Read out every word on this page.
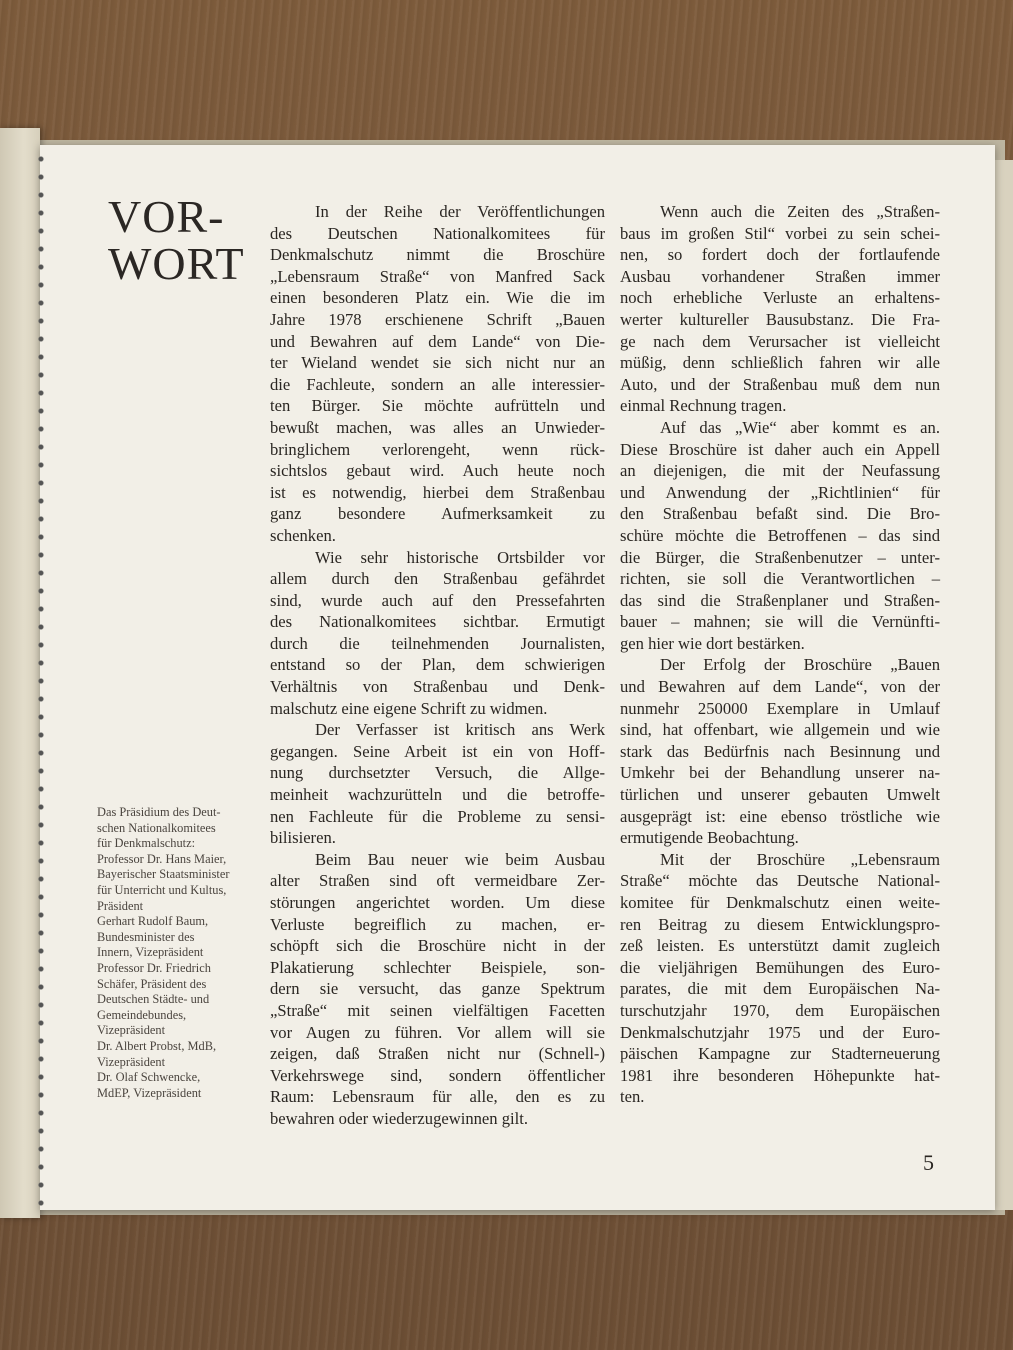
VOR-
WORT
Das Präsidium des Deut-
schen Nationalkomitees
für Denkmalschutz:
Professor Dr. Hans Maier,
Bayerischer Staatsminister
für Unterricht und Kultus,
Präsident
Gerhart Rudolf Baum,
Bundesminister des
Innern, Vizepräsident
Professor Dr. Friedrich
Schäfer, Präsident des
Deutschen Städte- und
Gemeindebundes,
Vizepräsident
Dr. Albert Probst, MdB,
Vizepräsident
Dr. Olaf Schwencke,
MdEP, Vizepräsident
In der Reihe der Veröffentlichungen
des Deutschen Nationalkomitees für
Denkmalschutz nimmt die Broschüre
„Lebensraum Straße“ von Manfred Sack
einen besonderen Platz ein. Wie die im
Jahre 1978 erschienene Schrift „Bauen
und Bewahren auf dem Lande“ von Die-
ter Wieland wendet sie sich nicht nur an
die Fachleute, sondern an alle interessier-
ten Bürger. Sie möchte aufrütteln und
bewußt machen, was alles an Unwieder-
bringlichem verlorengeht, wenn rück-
sichtslos gebaut wird. Auch heute noch
ist es notwendig, hierbei dem Straßenbau
ganz besondere Aufmerksamkeit zu
schenken.
Wie sehr historische Ortsbilder vor
allem durch den Straßenbau gefährdet
sind, wurde auch auf den Pressefahrten
des Nationalkomitees sichtbar. Ermutigt
durch die teilnehmenden Journalisten,
entstand so der Plan, dem schwierigen
Verhältnis von Straßenbau und Denk-
malschutz eine eigene Schrift zu widmen.
Der Verfasser ist kritisch ans Werk
gegangen. Seine Arbeit ist ein von Hoff-
nung durchsetzter Versuch, die Allge-
meinheit wachzurütteln und die betroffe-
nen Fachleute für die Probleme zu sensi-
bilisieren.
Beim Bau neuer wie beim Ausbau
alter Straßen sind oft vermeidbare Zer-
störungen angerichtet worden. Um diese
Verluste begreiflich zu machen, er-
schöpft sich die Broschüre nicht in der
Plakatierung schlechter Beispiele, son-
dern sie versucht, das ganze Spektrum
„Straße“ mit seinen vielfältigen Facetten
vor Augen zu führen. Vor allem will sie
zeigen, daß Straßen nicht nur (Schnell-)
Verkehrswege sind, sondern öffentlicher
Raum: Lebensraum für alle, den es zu
bewahren oder wiederzugewinnen gilt.
Wenn auch die Zeiten des „Straßen-
baus im großen Stil“ vorbei zu sein schei-
nen, so fordert doch der fortlaufende
Ausbau vorhandener Straßen immer
noch erhebliche Verluste an erhaltens-
werter kultureller Bausubstanz. Die Fra-
ge nach dem Verursacher ist vielleicht
müßig, denn schließlich fahren wir alle
Auto, und der Straßenbau muß dem nun
einmal Rechnung tragen.
Auf das „Wie“ aber kommt es an.
Diese Broschüre ist daher auch ein Appell
an diejenigen, die mit der Neufassung
und Anwendung der „Richtlinien“ für
den Straßenbau befaßt sind. Die Bro-
schüre möchte die Betroffenen – das sind
die Bürger, die Straßenbenutzer – unter-
richten, sie soll die Verantwortlichen –
das sind die Straßenplaner und Straßen-
bauer – mahnen; sie will die Vernünfti-
gen hier wie dort bestärken.
Der Erfolg der Broschüre „Bauen
und Bewahren auf dem Lande“, von der
nunmehr 250000 Exemplare in Umlauf
sind, hat offenbart, wie allgemein und wie
stark das Bedürfnis nach Besinnung und
Umkehr bei der Behandlung unserer na-
türlichen und unserer gebauten Umwelt
ausgeprägt ist: eine ebenso tröstliche wie
ermutigende Beobachtung.
Mit der Broschüre „Lebensraum
Straße“ möchte das Deutsche National-
komitee für Denkmalschutz einen weite-
ren Beitrag zu diesem Entwicklungspro-
zeß leisten. Es unterstützt damit zugleich
die vieljährigen Bemühungen des Euro-
parates, die mit dem Europäischen Na-
turschutzjahr 1970, dem Europäischen
Denkmalschutzjahr 1975 und der Euro-
päischen Kampagne zur Stadterneuerung
1981 ihre besonderen Höhepunkte hat-
ten.
5
